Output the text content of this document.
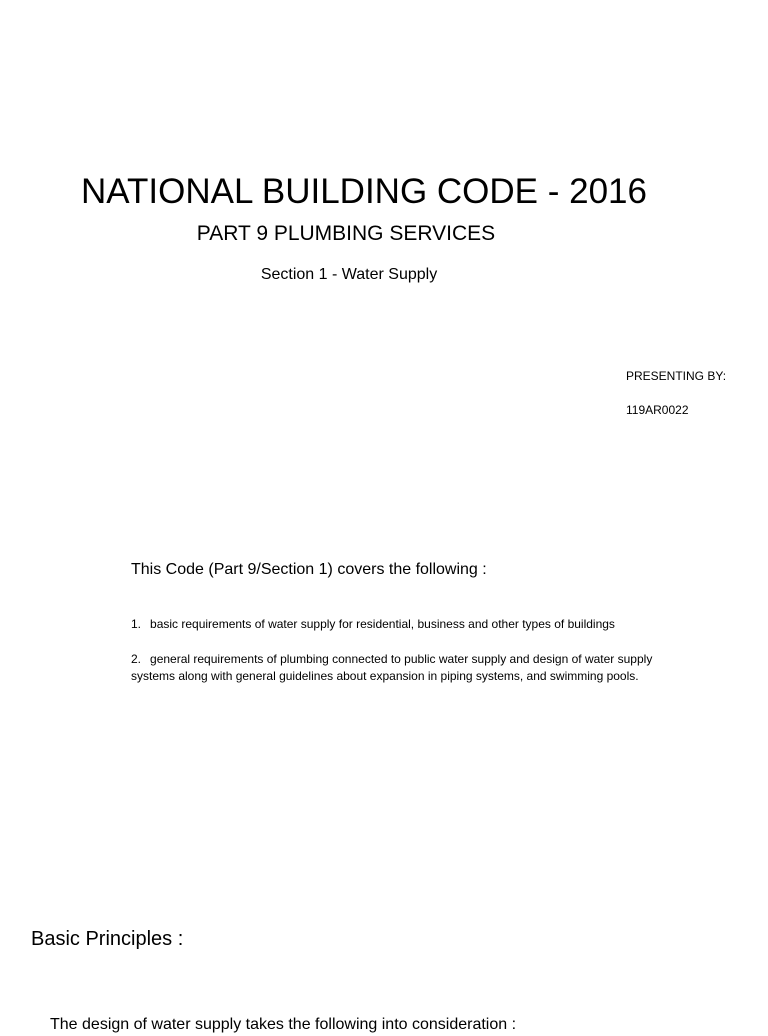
NATIONAL BUILDING CODE - 2016
PART 9 PLUMBING SERVICES
Section 1 - Water Supply
PRESENTING BY:
119AR0022
This Code (Part 9/Section 1) covers the following :
1. basic requirements of water supply for residential, business and other types of buildings
2. general requirements of plumbing connected to public water supply and design of water supply systems along with general guidelines about expansion in piping systems, and swimming pools.
Basic Principles :
The design of water supply takes the following into consideration :
